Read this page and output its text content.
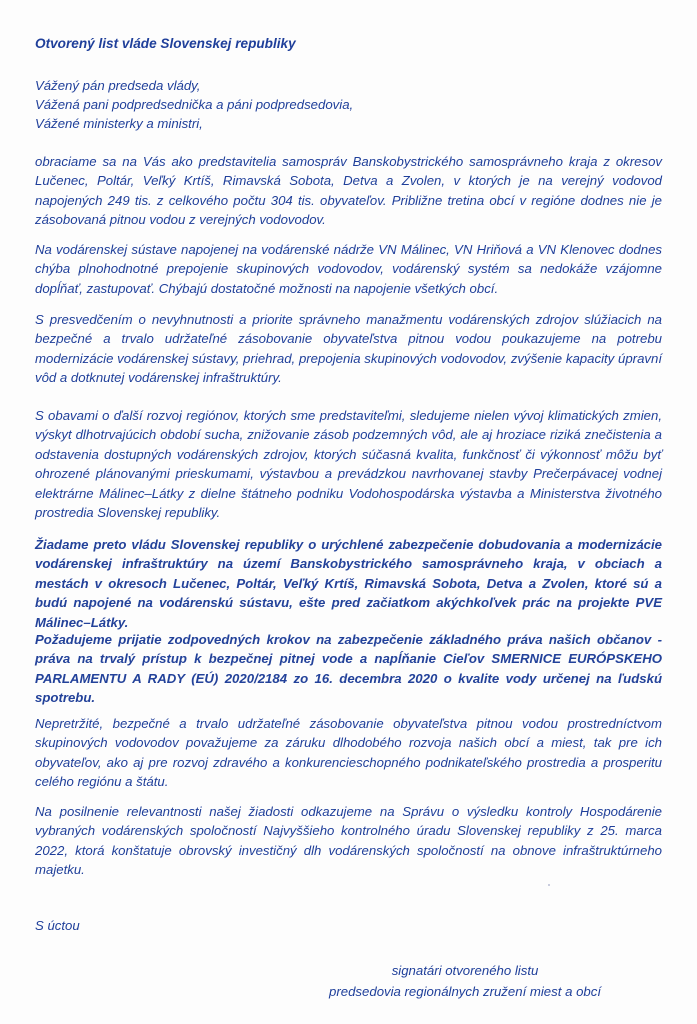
Otvorený list vláde Slovenskej republiky

Vážený pán predseda vlády,
Vážená pani podpredsednička a páni podpredsedovia,
Vážené ministerky a ministri,

obraciame sa na Vás ako predstavitelia samospráv Banskobystrického samosprávneho kraja z okresov Lučenec, Poltár, Veľký Krtíš, Rimavská Sobota, Detva a Zvolen, v ktorých je na verejný vodovod napojených 249 tis. z celkového počtu 304 tis. obyvateľov. Približne tretina obcí v regióne dodnes nie je zásobovaná pitnou vodou z verejných vodovodov.

Na vodárenskej sústave napojenej na vodárenské nádrže VN Málinec, VN Hriňová a VN Klenovec dodnes chýba plnohodnotné prepojenie skupinových vodovodov, vodárenský systém sa nedokáže vzájomne dopĺňať, zastupovať. Chýbajú dostatočné možnosti na napojenie všetkých obcí.

S presvedčením o nevyhnutnosti a priorite správneho manažmentu vodárenských zdrojov slúžiacich na bezpečné a trvalo udržateľné zásobovanie obyvateľstva pitnou vodou poukazujeme na potrebu modernizácie vodárenskej sústavy, priehrad, prepojenia skupinových vodovodov, zvýšenie kapacity úpravní vôd a dotknutej vodárenskej infraštruktúry.

S obavami o ďalší rozvoj regiónov, ktorých sme predstaviteľmi, sledujeme nielen vývoj klimatických zmien, výskyt dlhotrvajúcich období sucha, znižovanie zásob podzemných vôd, ale aj hroziace riziká znečistenia a odstavenia dostupných vodárenských zdrojov, ktorých súčasná kvalita, funkčnosť či výkonnosť môžu byť ohrozené plánovanými prieskumami, výstavbou a prevádzkou navrhovanej stavby Prečerpávacej vodnej elektrárne Málinec–Látky z dielne štátneho podniku Vodohospodárska výstavba a Ministerstva životného prostredia Slovenskej republiky.

Žiadame preto vládu Slovenskej republiky o urýchlené zabezpečenie dobudovania a modernizácie vodárenskej infraštruktúry na území Banskobystrického samosprávneho kraja, v obciach a mestách v okresoch Lučenec, Poltár, Veľký Krtíš, Rimavská Sobota, Detva a Zvolen, ktoré sú a budú napojené na vodárenskú sústavu, ešte pred začiatkom akýchkoľvek prác na projekte PVE Málinec–Látky.

Požadujeme prijatie zodpovedných krokov na zabezpečenie základného práva našich občanov - práva na trvalý prístup k bezpečnej pitnej vode a napĺňanie Cieľov SMERNICE EURÓPSKEHO PARLAMENTU A RADY (EÚ) 2020/2184 zo 16. decembra 2020 o kvalite vody určenej na ľudskú spotrebu.

Nepretržité, bezpečné a trvalo udržateľné zásobovanie obyvateľstva pitnou vodou prostredníctvom skupinových vodovodov považujeme za záruku dlhodobého rozvoja našich obcí a miest, tak pre ich obyvateľov, ako aj pre rozvoj zdravého a konkurencieschopného podnikateľského prostredia a prosperitu celého regiónu a štátu.

Na posilnenie relevantnosti našej žiadosti odkazujeme na Správu o výsledku kontroly Hospodárenie vybraných vodárenských spoločností Najvyššieho kontrolného úradu Slovenskej republiky z 25. marca 2022, ktorá konštatuje obrovský investičný dlh vodárenských spoločností na obnove infraštruktúrneho majetku.

S úctou

signatári otvoreného listu
predsedovia regionálnych zružení miest a obcí
